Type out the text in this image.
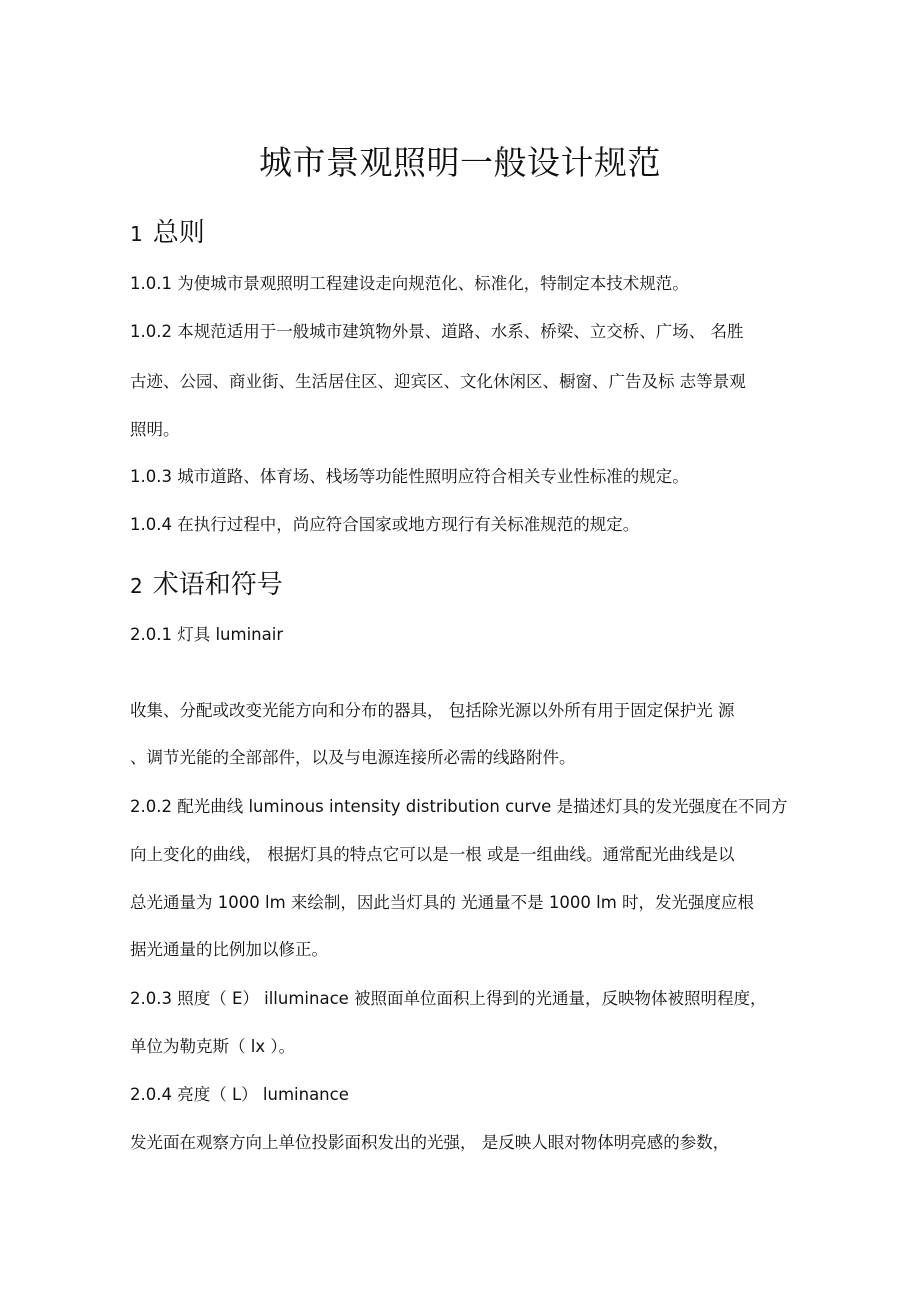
城市景观照明一般设计规范
1 总则

1.0.1 为使城市景观照明工程建设走向规范化、标准化，特制定本技术规范。

1.0.2 本规范适用于一般城市建筑物外景、道路、水系、桥梁、立交桥、广场、 名胜

古迹、公园、商业街、生活居住区、迎宾区、文化休闲区、橱窗、广告及标 志等景观

照明。

1.0.3 城市道路、体育场、栈场等功能性照明应符合相关专业性标准的规定。

1.0.4 在执行过程中，尚应符合国家或地方现行有关标准规范的规定。

2 术语和符号

2.0.1 灯具 luminair

收集、分配或改变光能方向和分布的器具， 包括除光源以外所有用于固定保护光 源

、调节光能的全部部件，以及与电源连接所必需的线路附件。

2.0.2 配光曲线 luminous intensity distribution curve 是描述灯具的发光强度在不同方

向上变化的曲线， 根据灯具的特点它可以是一根 或是一组曲线。通常配光曲线是以

总光通量为 1000 lm 来绘制，因此当灯具的 光通量不是 1000 lm 时，发光强度应根

据光通量的比例加以修正。

2.0.3 照度（ E） illuminace 被照面单位面积上得到的光通量，反映物体被照明程度，

单位为勒克斯（ lx ）。

2.0.4 亮度（ L） luminance

发光面在观察方向上单位投影面积发出的光强， 是反映人眼对物体明亮感的参数，
